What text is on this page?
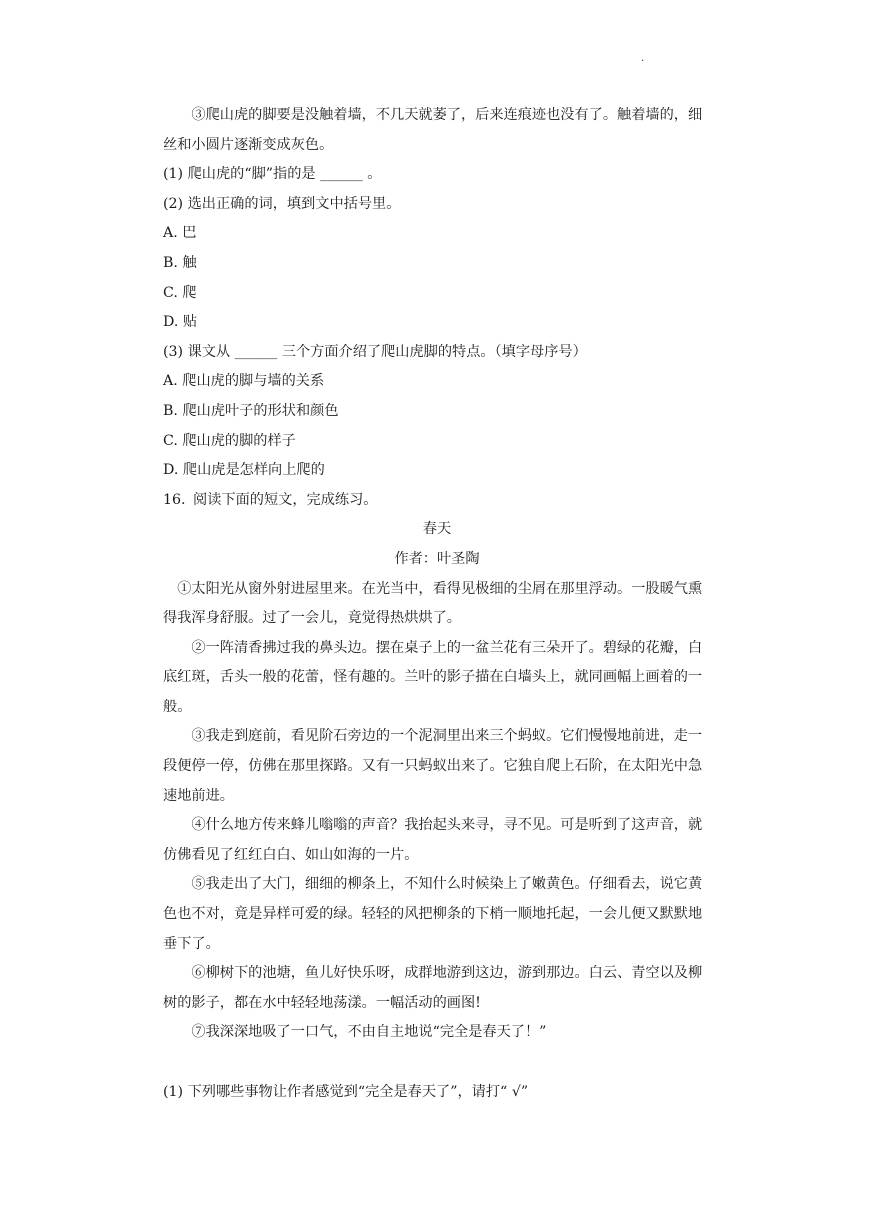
.

③爬山虎的脚要是没触着墙，不几天就萎了，后来连痕迹也没有了。触着墙的，细丝和小圆片逐渐变成灰色。

(1) 爬山虎的“脚”指的是 ______ 。

(2) 选出正确的词，填到文中括号里。

A. 巴

B. 触

C. 爬

D. 贴

(3) 课文从 ______ 三个方面介绍了爬山虎脚的特点。（填字母序号）

A. 爬山虎的脚与墙的关系

B. 爬山虎叶子的形状和颜色

C. 爬山虎的脚的样子

D. 爬山虎是怎样向上爬的

16. 阅读下面的短文，完成练习。

春天

作者：叶圣陶

①太阳光从窗外射进屋里来。在光当中，看得见极细的尘屑在那里浮动。一股暖气熏得我浑身舒服。过了一会儿，竟觉得热烘烘了。

②一阵清香拂过我的鼻头边。摆在桌子上的一盆兰花有三朵开了。碧绿的花瓣，白底红斑，舌头一般的花蕾，怪有趣的。兰叶的影子描在白墙头上，就同画幅上画着的一般。

③我走到庭前，看见阶石旁边的一个泥洞里出来三个蚂蚁。它们慢慢地前进，走一段便停一停，仿佛在那里探路。又有一只蚂蚁出来了。它独自爬上石阶，在太阳光中急速地前进。

④什么地方传来蜂儿嗡嗡的声音？我抬起头来寻，寻不见。可是听到了这声音，就仿佛看见了红红白白、如山如海的一片。

⑤我走出了大门，细细的柳条上，不知什么时候染上了嫩黄色。仔细看去，说它黄色也不对，竟是异样可爱的绿。轻轻的风把柳条的下梢一顺地托起，一会儿便又默默地垂下了。

⑥柳树下的池塘，鱼儿好快乐呀，成群地游到这边，游到那边。白云、青空以及柳树的影子，都在水中轻轻地荡漾。一幅活动的画图!

⑦我深深地吸了一口气，不由自主地说“完全是春天了！”

(1) 下列哪些事物让作者感觉到“完全是春天了”，请打“ √”
